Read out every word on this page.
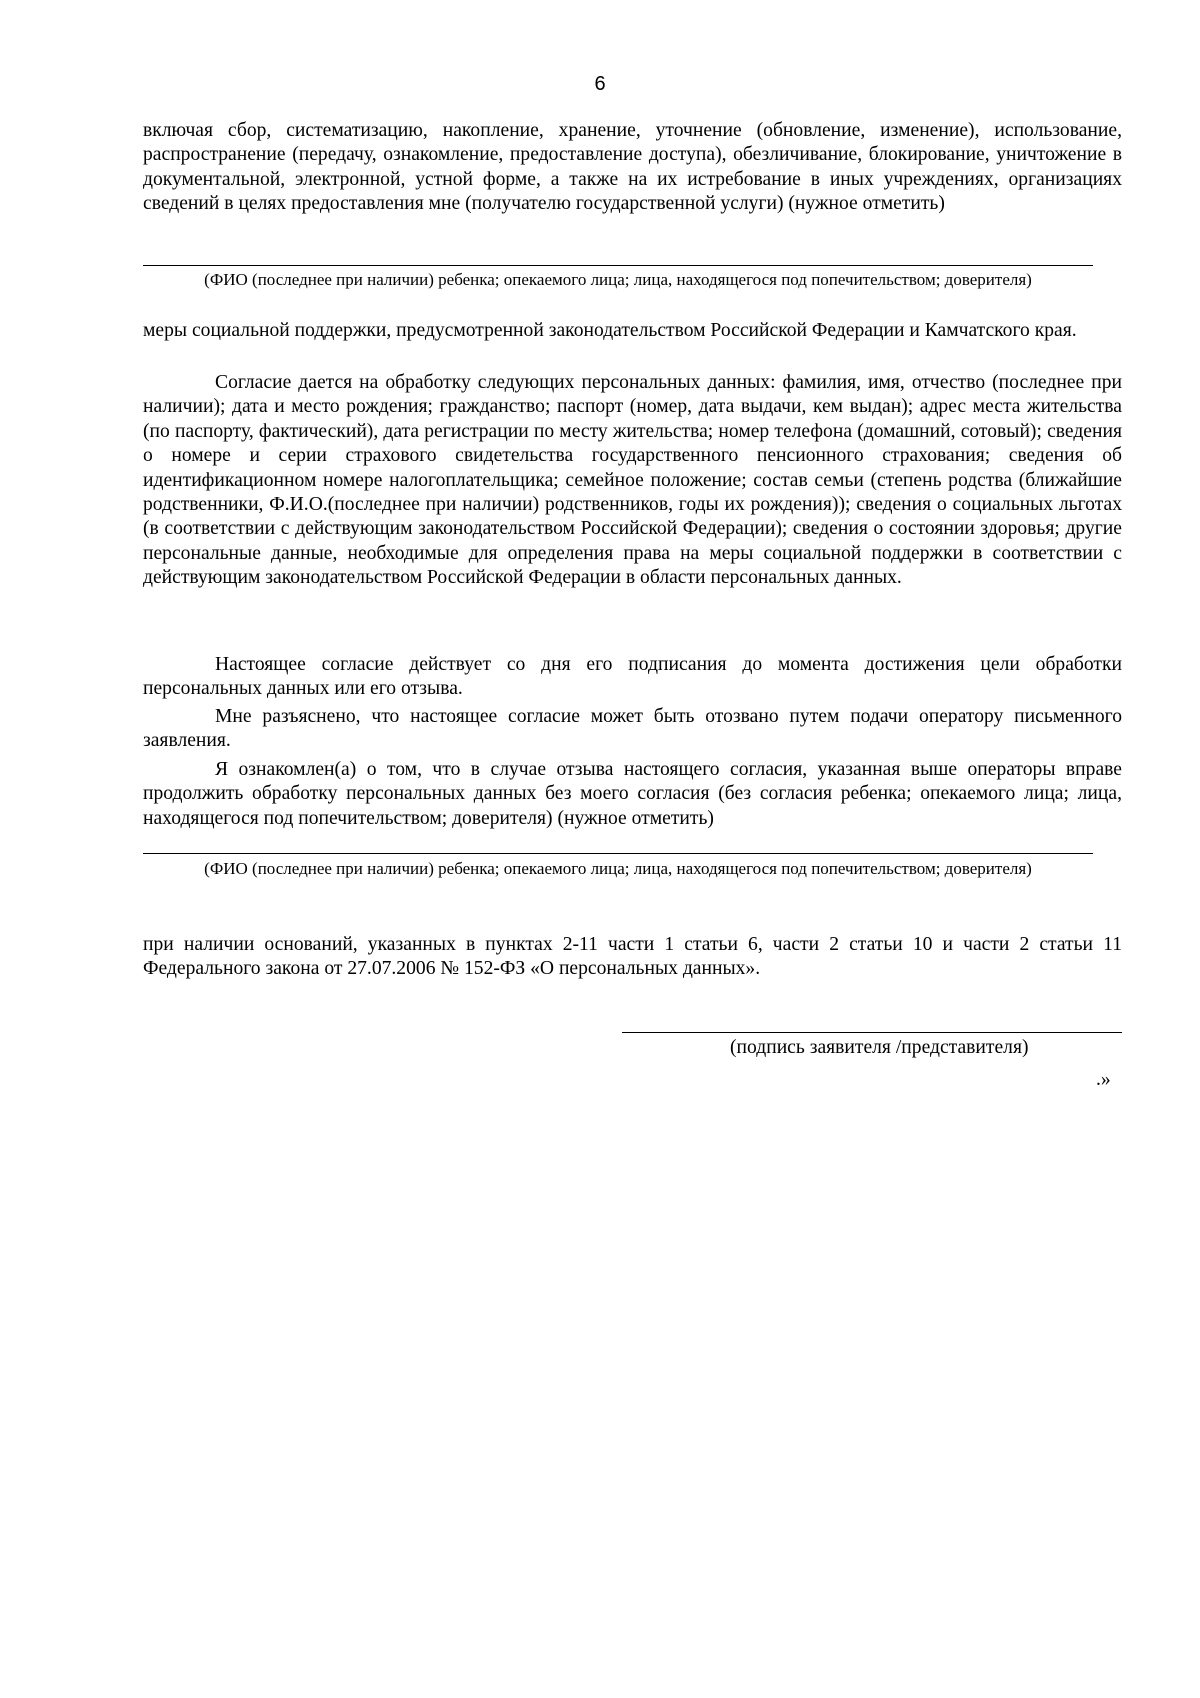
6

включая сбор, систематизацию, накопление, хранение, уточнение (обновление, изменение), использование, распространение (передачу, ознакомление, предоставление доступа), обезличивание, блокирование, уничтожение в документальной, электронной, устной форме, а также на их истребование в иных учреждениях, организациях сведений в целях предоставления мне (получателю государственной услуги) (нужное отметить)

(ФИО (последнее при наличии) ребенка; опекаемого лица; лица, находящегося под попечительством; доверителя)

меры социальной поддержки, предусмотренной законодательством Российской Федерации и Камчатского края.

Согласие дается на обработку следующих персональных данных: фамилия, имя, отчество (последнее при наличии); дата и место рождения; гражданство; паспорт (номер, дата выдачи, кем выдан); адрес места жительства (по паспорту, фактический), дата регистрации по месту жительства; номер телефона (домашний, сотовый); сведения о номере и серии страхового свидетельства государственного пенсионного страхования; сведения об идентификационном номере налогоплательщика; семейное положение; состав семьи (степень родства (ближайшие родственники, Ф.И.О.(последнее при наличии) родственников, годы их рождения)); сведения о социальных льготах (в соответствии с действующим законодательством Российской Федерации); сведения о состоянии здоровья; другие персональные данные, необходимые для определения права на меры социальной поддержки в соответствии с действующим законодательством Российской Федерации в области персональных данных.

Настоящее согласие действует со дня его подписания до момента достижения цели обработки персональных данных или его отзыва.

Мне разъяснено, что настоящее согласие может быть отозвано путем подачи оператору письменного заявления.

Я ознакомлен(а) о том, что в случае отзыва настоящего согласия, указанная выше операторы вправе продолжить обработку персональных данных без моего согласия (без согласия ребенка; опекаемого лица; лица, находящегося под попечительством; доверителя) (нужное отметить)

(ФИО (последнее при наличии) ребенка; опекаемого лица; лица, находящегося под попечительством; доверителя)

при наличии оснований, указанных в пунктах 2-11 части 1 статьи 6, части 2 статьи 10 и части 2 статьи 11 Федерального закона от 27.07.2006 № 152-ФЗ «О персональных данных».

(подпись заявителя /представителя)
.»
